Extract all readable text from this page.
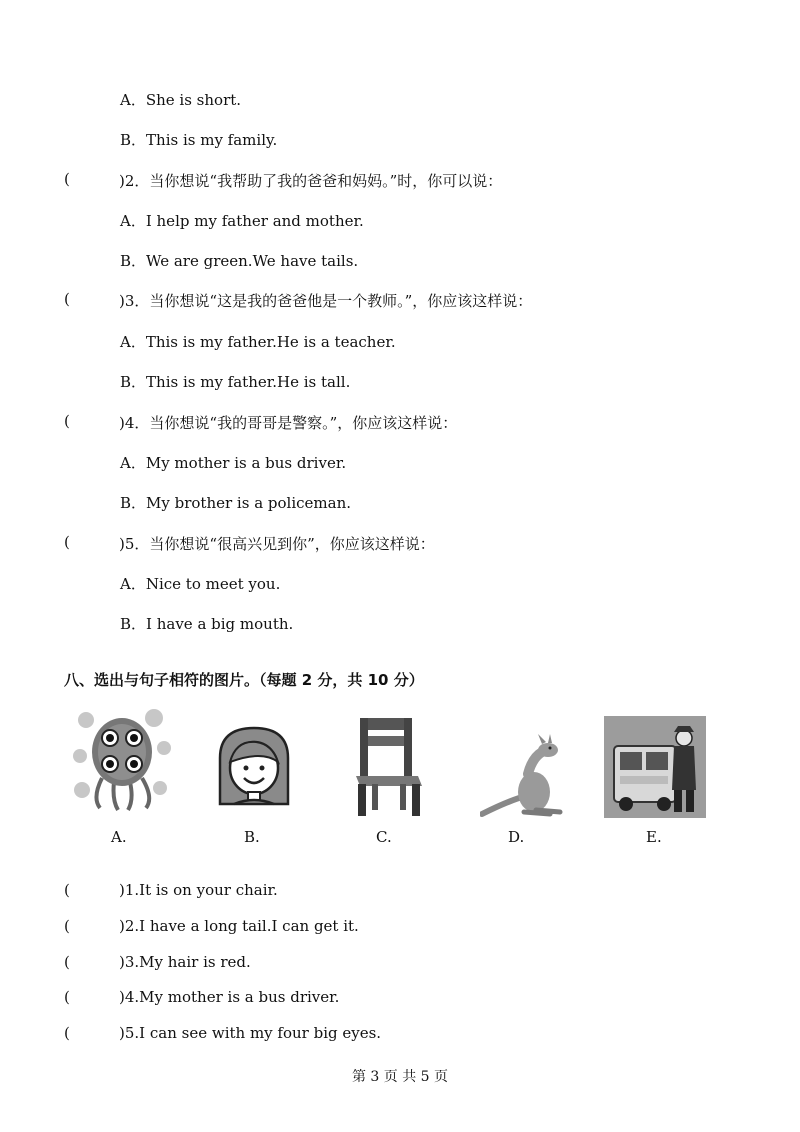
A．She is short.
B．This is my family.
(	)2．当你想说“我帮助了我的爸爸和妈妈。”时，你可以说：
A．I help my father and mother.
B．We are green.We have tails.
(	)3．当你想说“这是我的爸爸他是一个教师。”，你应该这样说：
A．This is my father.He is a teacher.
B．This is my father.He is tall.
(	)4．当你想说“我的哥哥是警察。”，你应该这样说：
A．My mother is a bus driver.
B．My brother is a policeman.
(	)5．当你想说“很高兴见到你”，你应该这样说：
A．Nice to meet you.
B．I have a big mouth.
八、选出与句子相符的图片。（每题 2 分，共 10 分）
A.	B.	C.	D.	E.
(	)1.It is on your chair.
(	)2.I have a long tail.I can get it.
(	)3.My hair is red.
(	)4.My mother is a bus driver.
(	)5.I can see with my four big eyes.
第 3 页 共 5 页
